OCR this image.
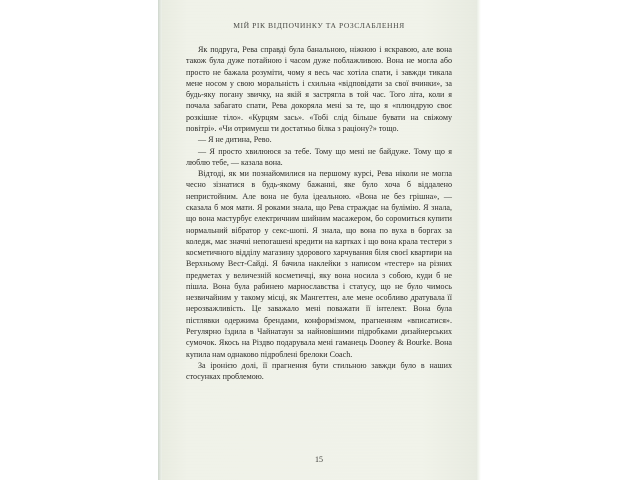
МІЙ РІК ВІДПОЧИНКУ ТА РОЗСЛАБЛЕННЯ

Як подруга, Рева справді була банальною, ніжною і яскравою, але вона також була дуже потайною і часом дуже поблажливою. Вона не могла або просто не бажала розуміти, чому я весь час хотіла спати, і завжди тикала мене носом у свою моральність і схильна «відповідати за свої вчинки», за будь-яку погану звичку, на якій я застрягла в той час. Того літа, коли я почала забагато спати, Рева докоряла мені за те, що я «плюндрую своє розкішне тіло». «Курцям зась». «Тобі слід більше бувати на свіжому повітрі». «Чи отримуєш ти достатньо білка з раціону?» тощо.

— Я не дитина, Рево.

— Я просто хвилююся за тебе. Тому що мені не байдуже. Тому що я люблю тебе, — казала вона.

Відтоді, як ми познайомилися на першому курсі, Рева ніколи не могла чесно зізнатися в будь-якому бажанні, яке було хоча б віддалено непристойним. Але вона не була ідеальною. «Вона не без грішна», — сказала б моя мати. Я роками знала, що Рева страждає на булімію. Я знала, що вона мастурбує електричним шийним масажером, бо соромиться купити нормальний вібратор у секс-шопі. Я знала, що вона по вуха в боргах за коледж, має значні непогашені кредити на картках і що вона крала тестери з косметичного відділу магазину здорового харчування біля своєї квартири на Верхньому Вест-Сайді. Я бачила наклейки з написом «тестер» на різних предметах у величезній косметичці, яку вона носила з собою, куди б не пішла. Вона була рабинею марнославства і статусу, що не було чимось незвичайним у такому місці, як Мангеттен, але мене особливо дратувала її нерозважливість. Це заважало мені поважати її інтелект. Вона була пістлявки одержима брендами, конформізмом, прагненням «вписатися». Регулярно їздила в Чайнатаун за найновішими підробками дизайнерських сумочок. Якось на Різдво подарувала мені гаманець Dooney & Bourke. Вона купила нам однаково підроблені брелоки Coach.

За іронією долі, її прагнення бути стильною завжди було в наших стосунках проблемою.

15
